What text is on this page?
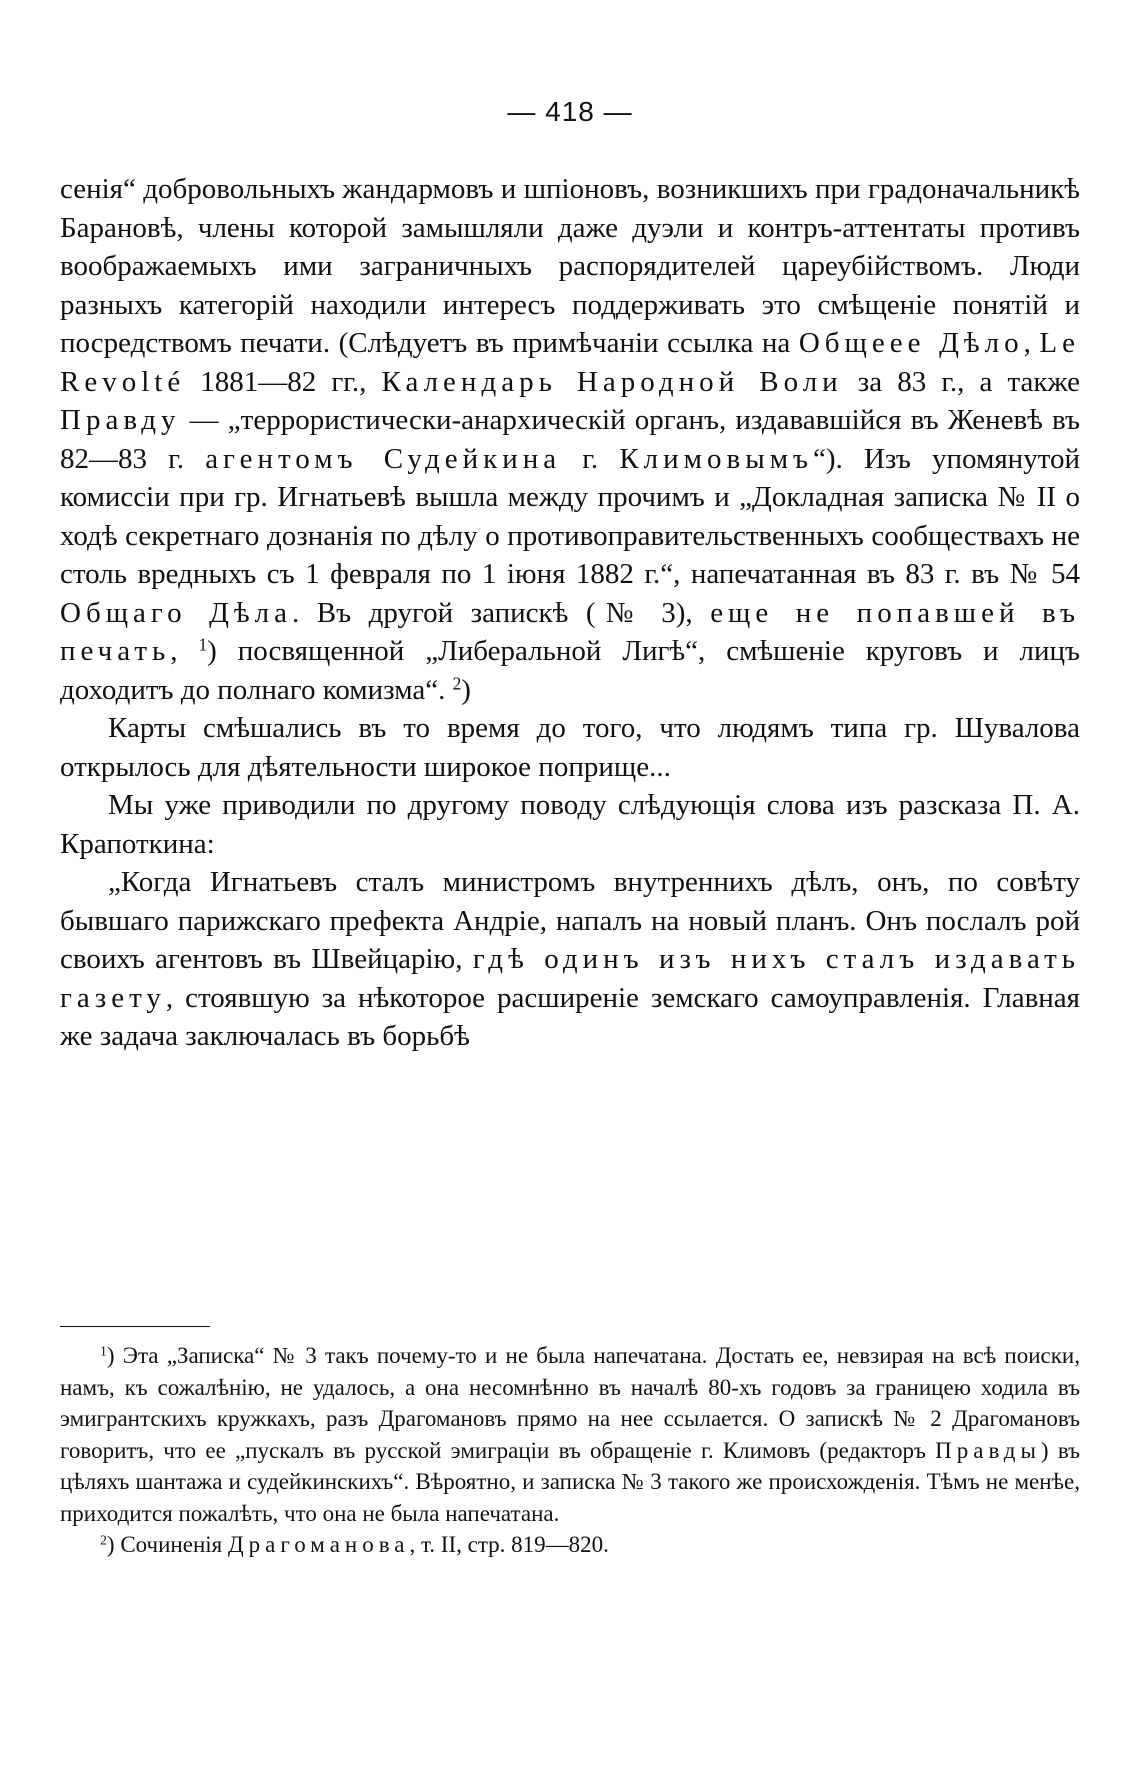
— 418 —

сенія“ добровольныхъ жандармовъ и шпіоновъ, возникшихъ при градоначальникѣ Барановѣ, члены которой замышляли даже дуэли и контръ-аттентаты противъ воображаемыхъ ими заграничныхъ распорядителей цареубійствомъ. Люди разныхъ категорій находили интересъ поддерживать это смѣщеніе понятій и посредствомъ печати. (Слѣдуетъ въ примѣчаніи ссылка на Общеее Дѣло, Le Revolté 1881—82 гг., Календарь Народной Воли за 83 г., а также Правду — „террористически-анархическій органъ, издававшійся въ Женевѣ въ 82—83 г. агентомъ Судейкина г. Климовымъ“). Изъ упомянутой комиссіи при гр. Игнатьевѣ вышла между прочимъ и „Докладная записка № II о ходѣ секретнаго дознанія по дѣлу о противоправительственныхъ сообществахъ не столь вредныхъ съ 1 февраля по 1 іюня 1882 г.“, напечатанная въ 83 г. въ № 54 Общаго Дѣла. Въ другой запискѣ (№ 3), еще не попавшей въ печать, $^1$) посвященной „Либеральной Лигѣ“, смѣшеніе круговъ и лицъ доходитъ до полнаго комизма“. $^2$)

Карты смѣшались въ то время до того, что людямъ типа гр. Шувалова открылось для дѣятельности широкое поприще...

Мы уже приводили по другому поводу слѣдующія слова изъ разсказа П. А. Крапоткина:

„Когда Игнатьевъ сталъ министромъ внутреннихъ дѣлъ, онъ, по совѣту бывшаго парижскаго префекта Андріе, напалъ на новый планъ. Онъ послалъ рой своихъ агентовъ въ Швейцарію, гдѣ одинъ изъ нихъ сталъ издавать газету, стоявшую за нѣкоторое расширеніе земскаго самоуправленія. Главная же задача заключалась въ борьбѣ

$^1$) Эта „Записка“ № 3 такъ почему-то и не была напечатана. Достать ее, невзирая на всѣ поиски, намъ, къ сожалѣнію, не удалось, а она несомнѣнно въ началѣ 80-хъ годовъ за границею ходила въ эмигрантскихъ кружкахъ, разъ Драгомановъ прямо на нее ссылается. О запискѣ № 2 Драгомановъ говоритъ, что ее „пускалъ въ русской эмиграціи въ обращеніе г. Климовъ (редакторъ Правды) въ цѣляхъ шантажа и судейкинскихъ“. Вѣроятно, и записка № 3 такого же происхожденія. Тѣмъ не менѣе, приходится пожалѣть, что она не была напечатана.

$^2$) Сочиненія Драгоманова, т. II, стр. 819—820.
